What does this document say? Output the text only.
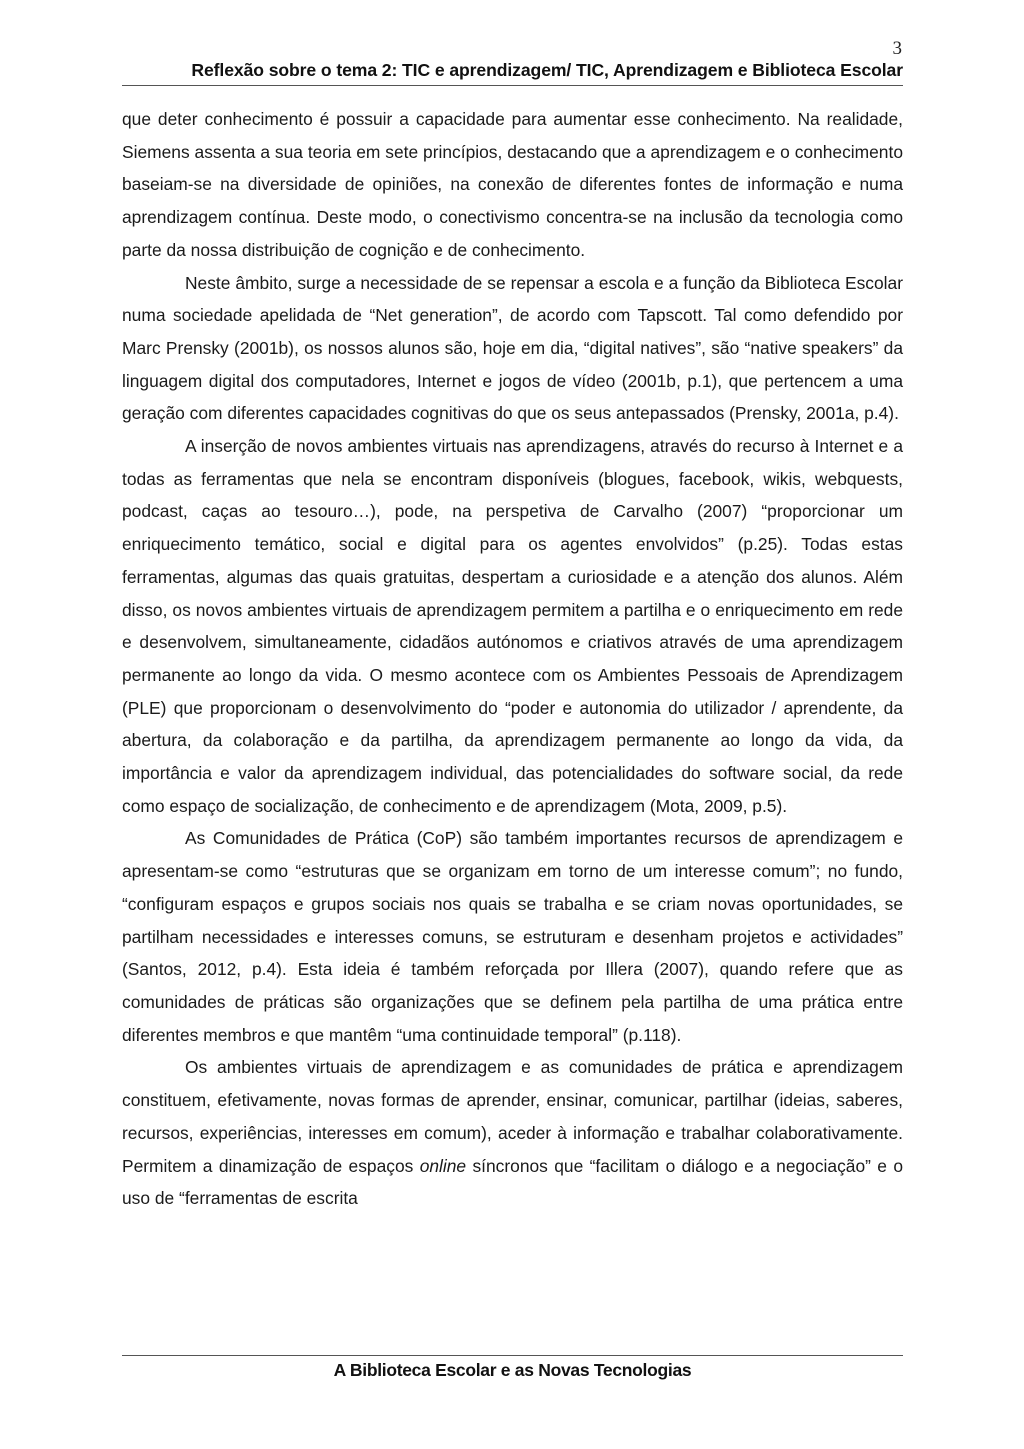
3
Reflexão sobre o tema 2: TIC e aprendizagem/ TIC, Aprendizagem e Biblioteca Escolar

que deter conhecimento é possuir a capacidade para aumentar esse conhecimento. Na realidade, Siemens assenta a sua teoria em sete princípios, destacando que a aprendizagem e o conhecimento baseiam-se na diversidade de opiniões, na conexão de diferentes fontes de informação e numa aprendizagem contínua. Deste modo, o conectivismo concentra-se na inclusão da tecnologia como parte da nossa distribuição de cognição e de conhecimento.

Neste âmbito, surge a necessidade de se repensar a escola e a função da Biblioteca Escolar numa sociedade apelidada de “Net generation”, de acordo com Tapscott. Tal como defendido por Marc Prensky (2001b), os nossos alunos são, hoje em dia, “digital natives”, são “native speakers” da linguagem digital dos computadores, Internet e jogos de vídeo (2001b, p.1), que pertencem a uma geração com diferentes capacidades cognitivas do que os seus antepassados (Prensky, 2001a, p.4).

A inserção de novos ambientes virtuais nas aprendizagens, através do recurso à Internet e a todas as ferramentas que nela se encontram disponíveis (blogues, facebook, wikis, webquests, podcast, caças ao tesouro…), pode, na perspetiva de Carvalho (2007) “proporcionar um enriquecimento temático, social e digital para os agentes envolvidos” (p.25). Todas estas ferramentas, algumas das quais gratuitas, despertam a curiosidade e a atenção dos alunos. Além disso, os novos ambientes virtuais de aprendizagem permitem a partilha e o enriquecimento em rede e desenvolvem, simultaneamente, cidadãos autónomos e criativos através de uma aprendizagem permanente ao longo da vida. O mesmo acontece com os Ambientes Pessoais de Aprendizagem (PLE) que proporcionam o desenvolvimento do “poder e autonomia do utilizador / aprendente, da abertura, da colaboração e da partilha, da aprendizagem permanente ao longo da vida, da importância e valor da aprendizagem individual, das potencialidades do software social, da rede como espaço de socialização, de conhecimento e de aprendizagem (Mota, 2009, p.5).

As Comunidades de Prática (CoP) são também importantes recursos de aprendizagem e apresentam-se como “estruturas que se organizam em torno de um interesse comum”; no fundo, “configuram espaços e grupos sociais nos quais se trabalha e se criam novas oportunidades, se partilham necessidades e interesses comuns, se estruturam e desenham projetos e actividades” (Santos, 2012, p.4). Esta ideia é também reforçada por Illera (2007), quando refere que as comunidades de práticas são organizações que se definem pela partilha de uma prática entre diferentes membros e que mantêm “uma continuidade temporal” (p.118).

Os ambientes virtuais de aprendizagem e as comunidades de prática e aprendizagem constituem, efetivamente, novas formas de aprender, ensinar, comunicar, partilhar (ideias, saberes, recursos, experiências, interesses em comum), aceder à informação e trabalhar colaborativamente. Permitem a dinamização de espaços online síncronos que “facilitam o diálogo e a negociação” e o uso de “ferramentas de escrita

A Biblioteca Escolar e as Novas Tecnologias
